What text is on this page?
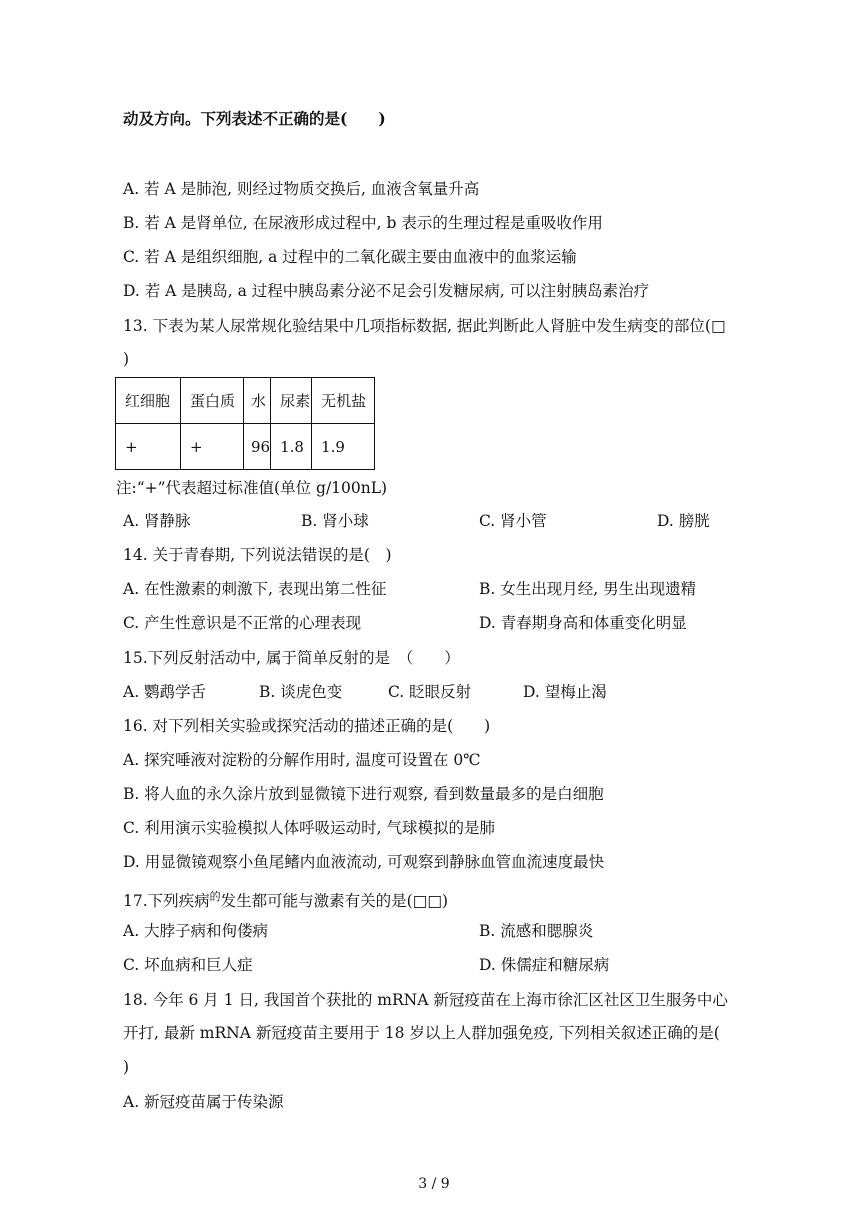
动及方向。下列表述不正确的是(　　)
A. 若 A 是肺泡, 则经过物质交换后, 血液含氧量升高
B. 若 A 是肾单位, 在尿液形成过程中, b 表示的生理过程是重吸收作用
C. 若 A 是组织细胞, a 过程中的二氧化碳主要由血液中的血浆运输
D. 若 A 是胰岛, a 过程中胰岛素分泌不足会引发糖尿病, 可以注射胰岛素治疗
13. 下表为某人尿常规化验结果中几项指标数据, 据此判断此人肾脏中发生病变的部位(□
)
红细胞	蛋白质	水	尿素	无机盐
+	+	96	1.8	1.9
注:“+”代表超过标准值(单位 g/100nL)
A. 肾静脉	B. 肾小球	C. 肾小管	D. 膀胱
14. 关于青春期, 下列说法错误的是(　)
A. 在性激素的刺激下, 表现出第二性征	B. 女生出现月经, 男生出现遗精
C. 产生性意识是不正常的心理表现	D. 青春期身高和体重变化明显
15.下列反射活动中, 属于简单反射的是　（　　）
A. 鹦鹉学舌	B. 谈虎色变	C. 眨眼反射	D. 望梅止渴
16. 对下列相关实验或探究活动的描述正确的是(　　)
A. 探究唾液对淀粉的分解作用时, 温度可设置在 0℃
B. 将人血的永久涂片放到显微镜下进行观察, 看到数量最多的是白细胞
C. 利用演示实验模拟人体呼吸运动时, 气球模拟的是肺
D. 用显微镜观察小鱼尾鳍内血液流动, 可观察到静脉血管血流速度最快
17.下列疾病$^的$发生都可能与激素有关的是(□□)
A. 大脖子病和佝偻病	B. 流感和腮腺炎
C. 坏血病和巨人症	D. 侏儒症和糖尿病
18. 今年 6 月 1 日, 我国首个获批的 mRNA 新冠疫苗在上海市徐汇区社区卫生服务中心
开打, 最新 mRNA 新冠疫苗主要用于 18 岁以上人群加强免疫, 下列相关叙述正确的是(
)
A. 新冠疫苗属于传染源
3 / 9
